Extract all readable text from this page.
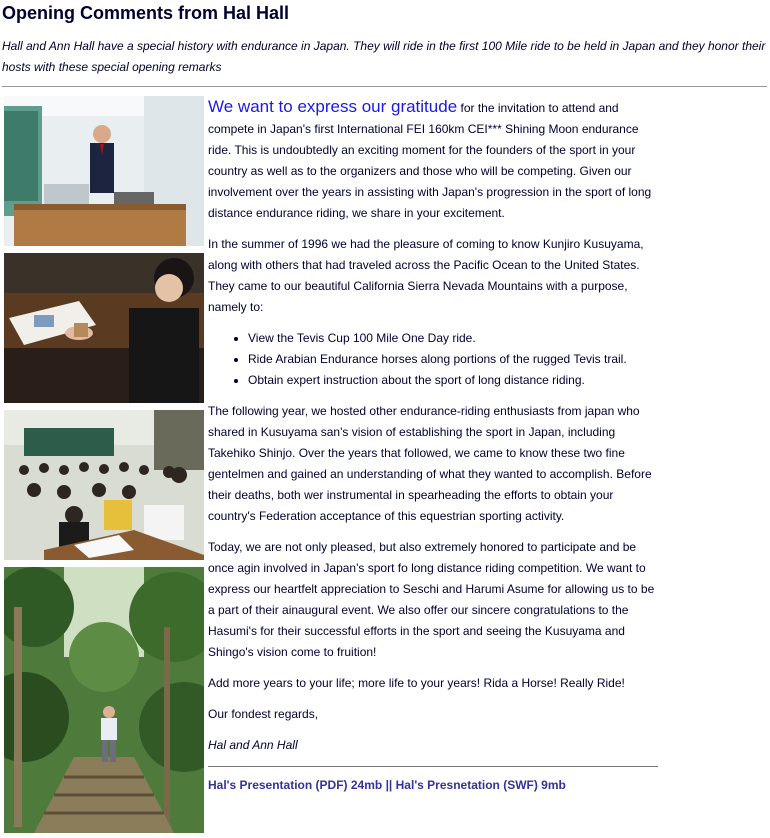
Opening Comments from Hal Hall

Hall and Ann Hall have a special history with endurance in Japan. They will ride in the first 100 Mile ride to be held in Japan and they honor their hosts with these special opening remarks

We want to express our gratitude for the invitation to attend and compete in Japan's first International FEI 160km CEI*** Shining Moon endurance ride. This is undoubtedly an exciting moment for the founders of the sport in your country as well as to the organizers and those who will be competing. Given our involvement over the years in assisting with Japan's progression in the sport of long distance endurance riding, we share in your excitement.

In the summer of 1996 we had the pleasure of coming to know Kunjiro Kusuyama, along with others that had traveled across the Pacific Ocean to the United States. They came to our beautiful California Sierra Nevada Mountains with a purpose, namely to:

• View the Tevis Cup 100 Mile One Day ride.
• Ride Arabian Endurance horses along portions of the rugged Tevis trail.
• Obtain expert instruction about the sport of long distance riding.

The following year, we hosted other endurance-riding enthusiasts from japan who shared in Kusuyama san's vision of establishing the sport in Japan, including Takehiko Shinjo. Over the years that followed, we came to know these two fine gentelmen and gained an understanding of what they wanted to accomplish. Before their deaths, both wer instrumental in spearheading the efforts to obtain your country's Federation acceptance of this equestrian sporting activity.

Today, we are not only pleased, but also extremely honored to participate and be once agin involved in Japan's sport fo long distance riding competition. We want to express our heartfelt appreciation to Seschi and Harumi Asume for allowing us to be a part of their ainaugural event. We also offer our sincere congratulations to the Hasumi's for their successful efforts in the sport and seeing the Kusuyama and Shingo's vision come to fruition!

Add more years to your life; more life to your years! Rida a Horse! Really Ride!

Our fondest regards,

Hal and Ann Hall

Hal's Presentation (PDF) 24mb || Hal's Presnetation (SWF) 9mb
